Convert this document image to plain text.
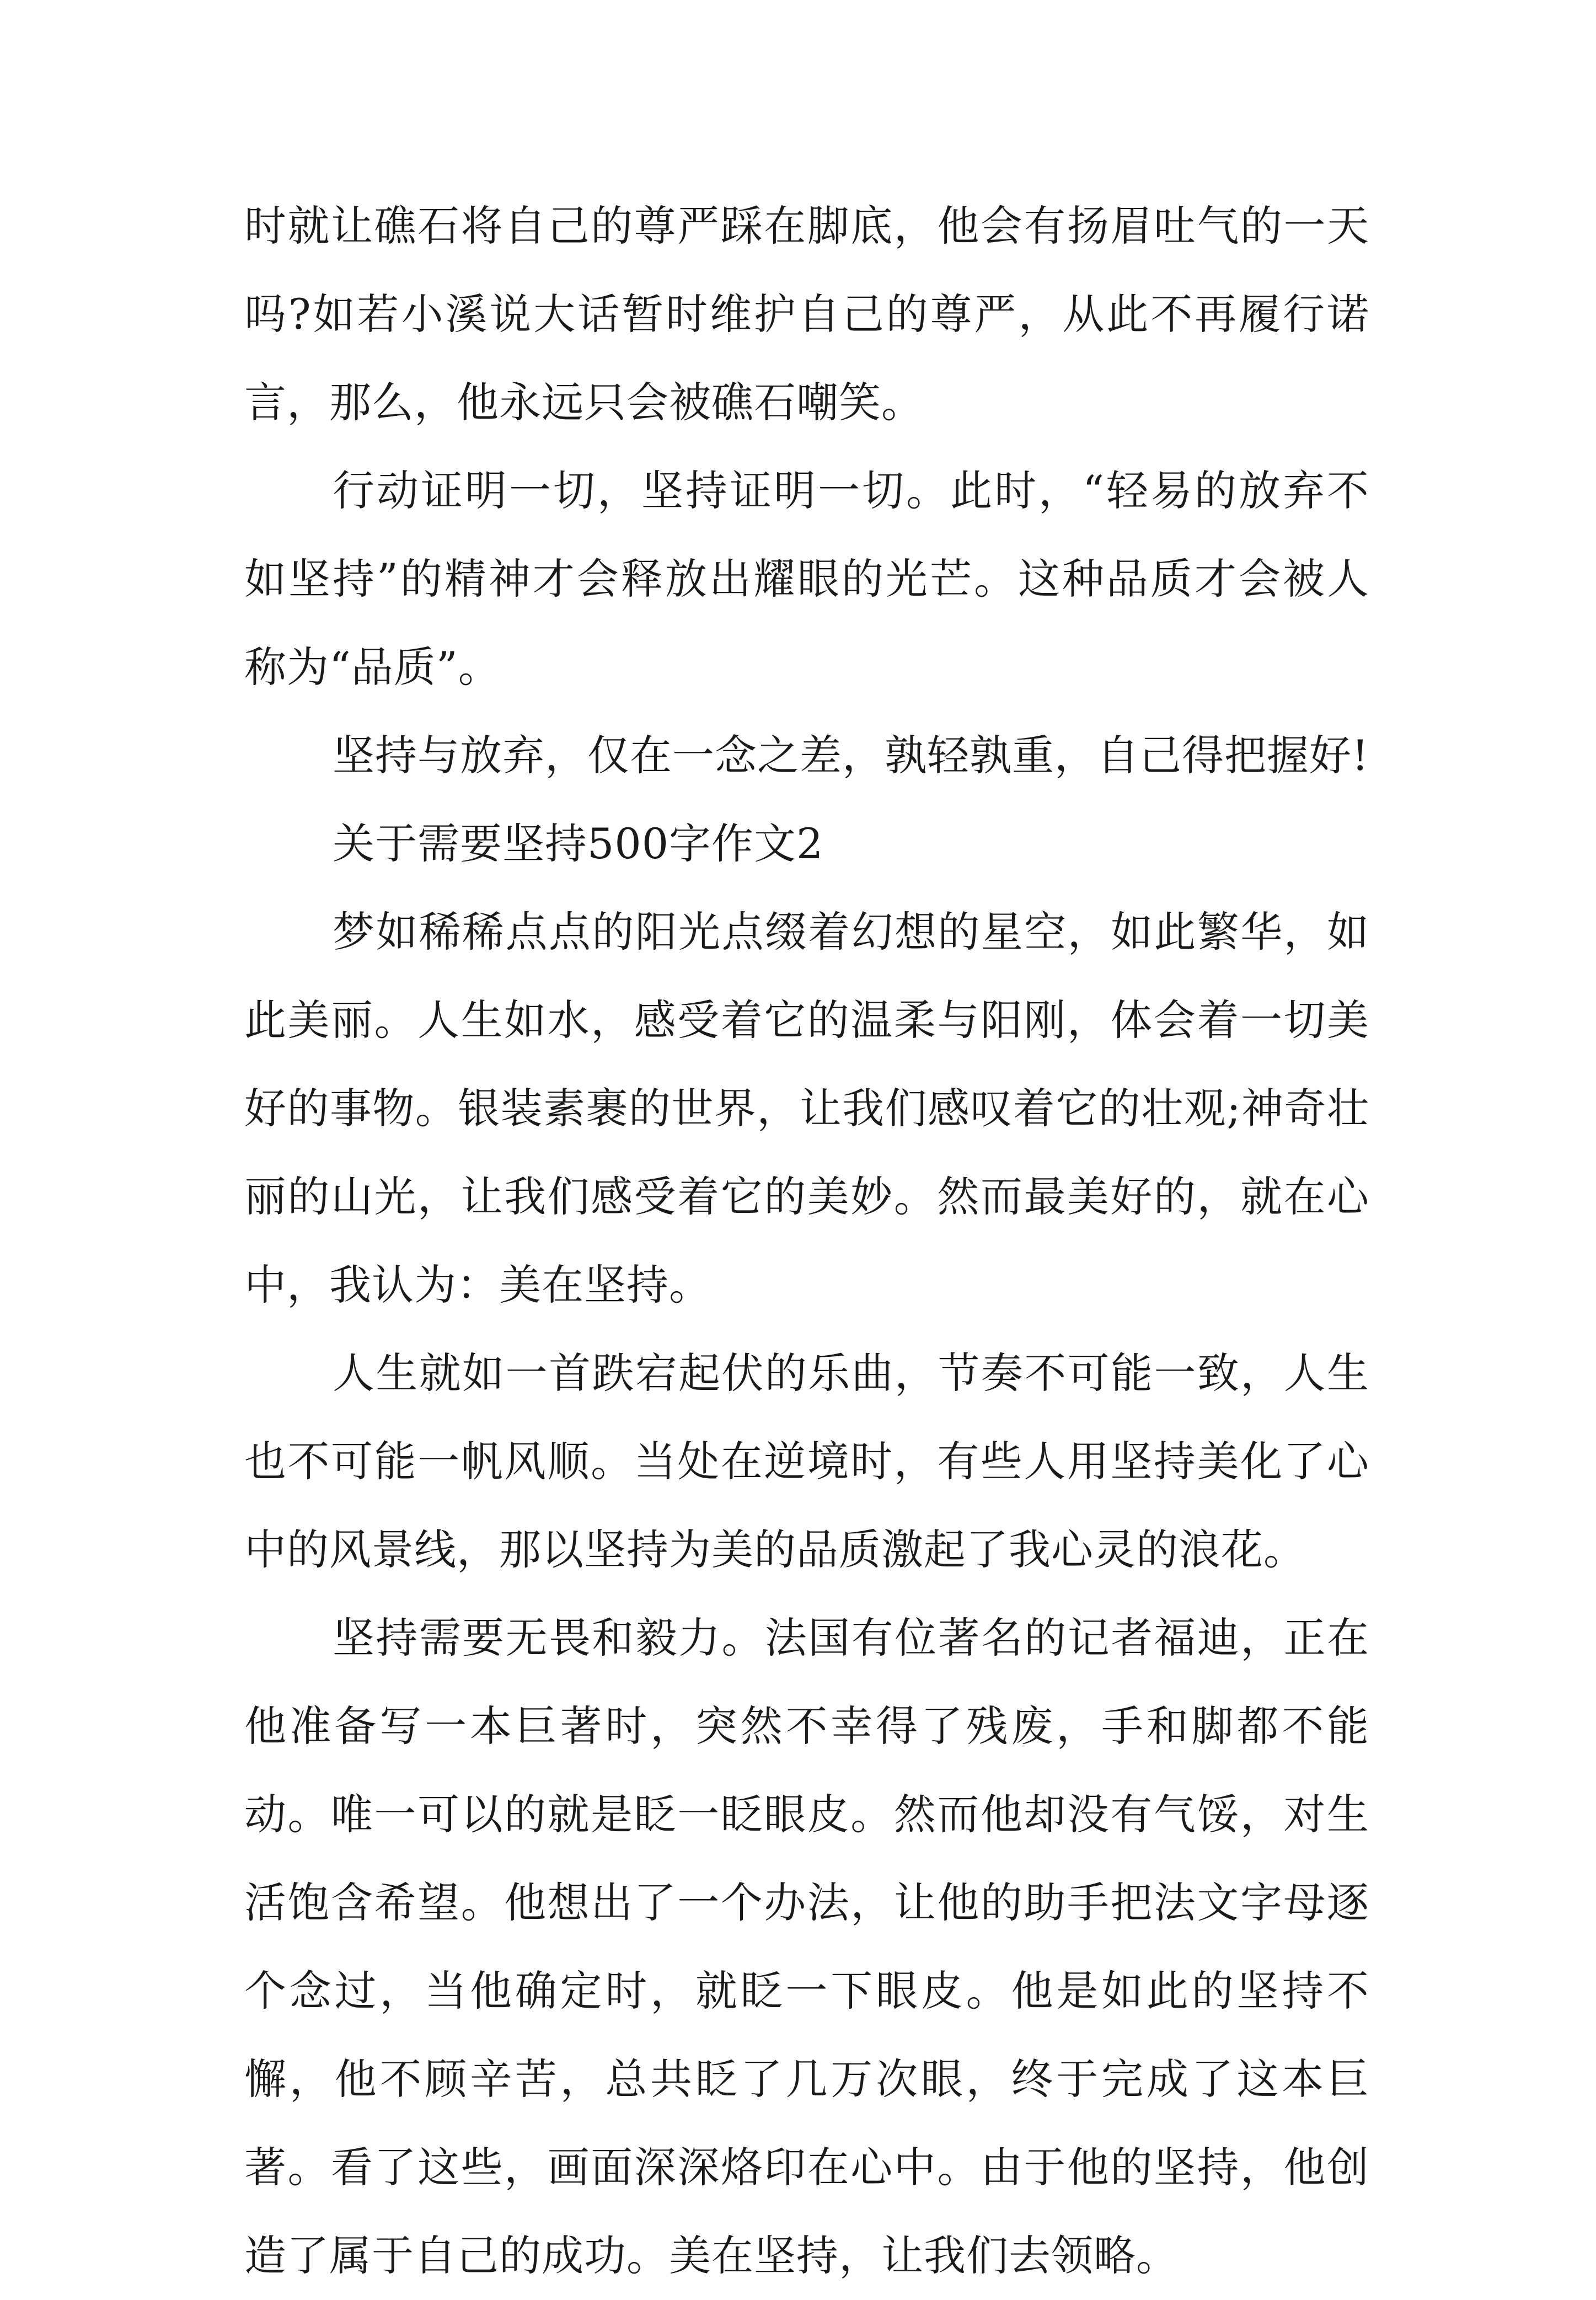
时就让礁石将自己的尊严踩在脚底，他会有扬眉吐气的一天吗?如若小溪说大话暂时维护自己的尊严，从此不再履行诺言，那么，他永远只会被礁石嘲笑。

行动证明一切，坚持证明一切。此时，“轻易的放弃不如坚持”的精神才会释放出耀眼的光芒。这种品质才会被人称为“品质”。

坚持与放弃，仅在一念之差，孰轻孰重，自己得把握好!

关于需要坚持500字作文2

梦如稀稀点点的阳光点缀着幻想的星空，如此繁华，如此美丽。人生如水，感受着它的温柔与阳刚，体会着一切美好的事物。银装素裹的世界，让我们感叹着它的壮观;神奇壮丽的山光，让我们感受着它的美妙。然而最美好的，就在心中，我认为：美在坚持。

人生就如一首跌宕起伏的乐曲，节奏不可能一致，人生也不可能一帆风顺。当处在逆境时，有些人用坚持美化了心中的风景线，那以坚持为美的品质激起了我心灵的浪花。

坚持需要无畏和毅力。法国有位著名的记者福迪，正在他准备写一本巨著时，突然不幸得了残废，手和脚都不能动。唯一可以的就是眨一眨眼皮。然而他却没有气馁，对生活饱含希望。他想出了一个办法，让他的助手把法文字母逐个念过，当他确定时，就眨一下眼皮。他是如此的坚持不懈，他不顾辛苦，总共眨了几万次眼，终于完成了这本巨著。看了这些，画面深深烙印在心中。由于他的坚持，他创造了属于自己的成功。美在坚持，让我们去领略。
